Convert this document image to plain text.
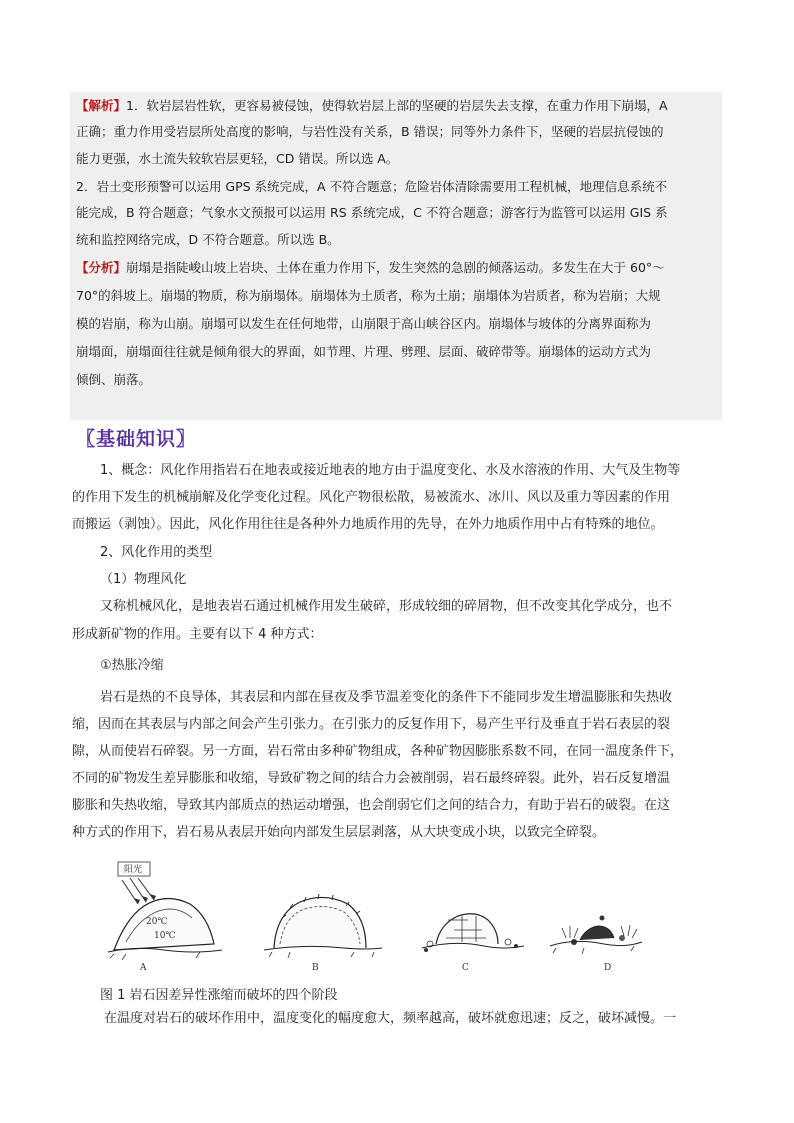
【解析】1．软岩层岩性软，更容易被侵蚀，使得软岩层上部的坚硬的岩层失去支撑，在重力作用下崩塌，A
正确；重力作用受岩层所处高度的影响，与岩性没有关系，B 错误；同等外力条件下，坚硬的岩层抗侵蚀的
能力更强，水土流失较软岩层更轻，CD 错误。所以选 A。
2．岩土变形预警可以运用 GPS 系统完成，A 不符合题意；危险岩体清除需要用工程机械，地理信息系统不
能完成，B 符合题意；气象水文预报可以运用 RS 系统完成，C 不符合题意；游客行为监管可以运用 GIS 系
统和监控网络完成，D 不符合题意。所以选 B。
【分析】崩塌是指陡峻山坡上岩块、土体在重力作用下，发生突然的急剧的倾落运动。多发生在大于 60°～
70°的斜坡上。崩塌的物质，称为崩塌体。崩塌体为土质者，称为土崩；崩塌体为岩质者，称为岩崩；大规
模的岩崩，称为山崩。崩塌可以发生在任何地带，山崩限于高山峡谷区内。崩塌体与坡体的分离界面称为
崩塌面，崩塌面往往就是倾角很大的界面，如节理、片理、劈理、层面、破碎带等。崩塌体的运动方式为
倾倒、崩落。
〖基础知识〗
1、概念：风化作用指岩石在地表或接近地表的地方由于温度变化、水及水溶液的作用、大气及生物等
的作用下发生的机械崩解及化学变化过程。风化产物很松散，易被流水、冰川、风以及重力等因素的作用
而搬运（剥蚀）。因此，风化作用往往是各种外力地质作用的先导，在外力地质作用中占有特殊的地位。
2、风化作用的类型
（1）物理风化
又称机械风化，是地表岩石通过机械作用发生破碎，形成较细的碎屑物，但不改变其化学成分，也不
形成新矿物的作用。主要有以下 4 种方式：
①热胀冷缩
岩石是热的不良导体，其表层和内部在昼夜及季节温差变化的条件下不能同步发生增温膨胀和失热收
缩，因而在其表层与内部之间会产生引张力。在引张力的反复作用下，易产生平行及垂直于岩石表层的裂
隙，从而使岩石碎裂。另一方面，岩石常由多种矿物组成，各种矿物因膨胀系数不同，在同一温度条件下，
不同的矿物发生差异膨胀和收缩，导致矿物之间的结合力会被削弱，岩石最终碎裂。此外，岩石反复增温
膨胀和失热收缩，导致其内部质点的热运动增强，也会削弱它们之间的结合力，有助于岩石的破裂。在这
种方式的作用下，岩石易从表层开始向内部发生层层剥落，从大块变成小块，以致完全碎裂。
阳光
20℃
10℃
A	B	C	D
图 1 岩石因差异性涨缩而破坏的四个阶段
在温度对岩石的破坏作用中，温度变化的幅度愈大，频率越高，破坏就愈迅速；反之，破坏减慢。一
